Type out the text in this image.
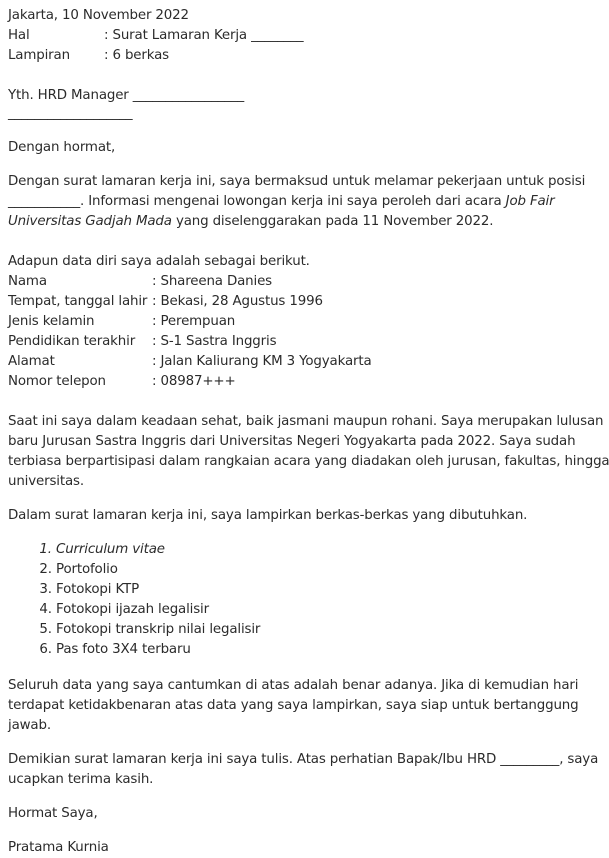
Jakarta, 10 November 2022
Hal	: Surat Lamaran Kerja ________
Lampiran	: 6 berkas
Yth. HRD Manager _________________
___________________
Dengan hormat,
Dengan surat lamaran kerja ini, saya bermaksud untuk melamar pekerjaan untuk posisi
___________. Informasi mengenai lowongan kerja ini saya peroleh dari acara Job Fair
Universitas Gadjah Mada yang diselenggarakan pada 11 November 2022.
Adapun data diri saya adalah sebagai berikut.
Nama	: Shareena Danies
Tempat, tanggal lahir : Bekasi, 28 Agustus 1996
Jenis kelamin	: Perempuan
Pendidikan terakhir	: S-1 Sastra Inggris
Alamat	: Jalan Kaliurang KM 3 Yogyakarta
Nomor telepon	: 08987+++
Saat ini saya dalam keadaan sehat, baik jasmani maupun rohani. Saya merupakan lulusan
baru Jurusan Sastra Inggris dari Universitas Negeri Yogyakarta pada 2022. Saya sudah
terbiasa berpartisipasi dalam rangkaian acara yang diadakan oleh jurusan, fakultas, hingga
universitas.
Dalam surat lamaran kerja ini, saya lampirkan berkas-berkas yang dibutuhkan.
1. Curriculum vitae
2. Portofolio
3. Fotokopi KTP
4. Fotokopi ijazah legalisir
5. Fotokopi transkrip nilai legalisir
6. Pas foto 3X4 terbaru
Seluruh data yang saya cantumkan di atas adalah benar adanya. Jika di kemudian hari
terdapat ketidakbenaran atas data yang saya lampirkan, saya siap untuk bertanggung
jawab.
Demikian surat lamaran kerja ini saya tulis. Atas perhatian Bapak/Ibu HRD _________, saya
ucapkan terima kasih.
Hormat Saya,
Pratama Kurnia
